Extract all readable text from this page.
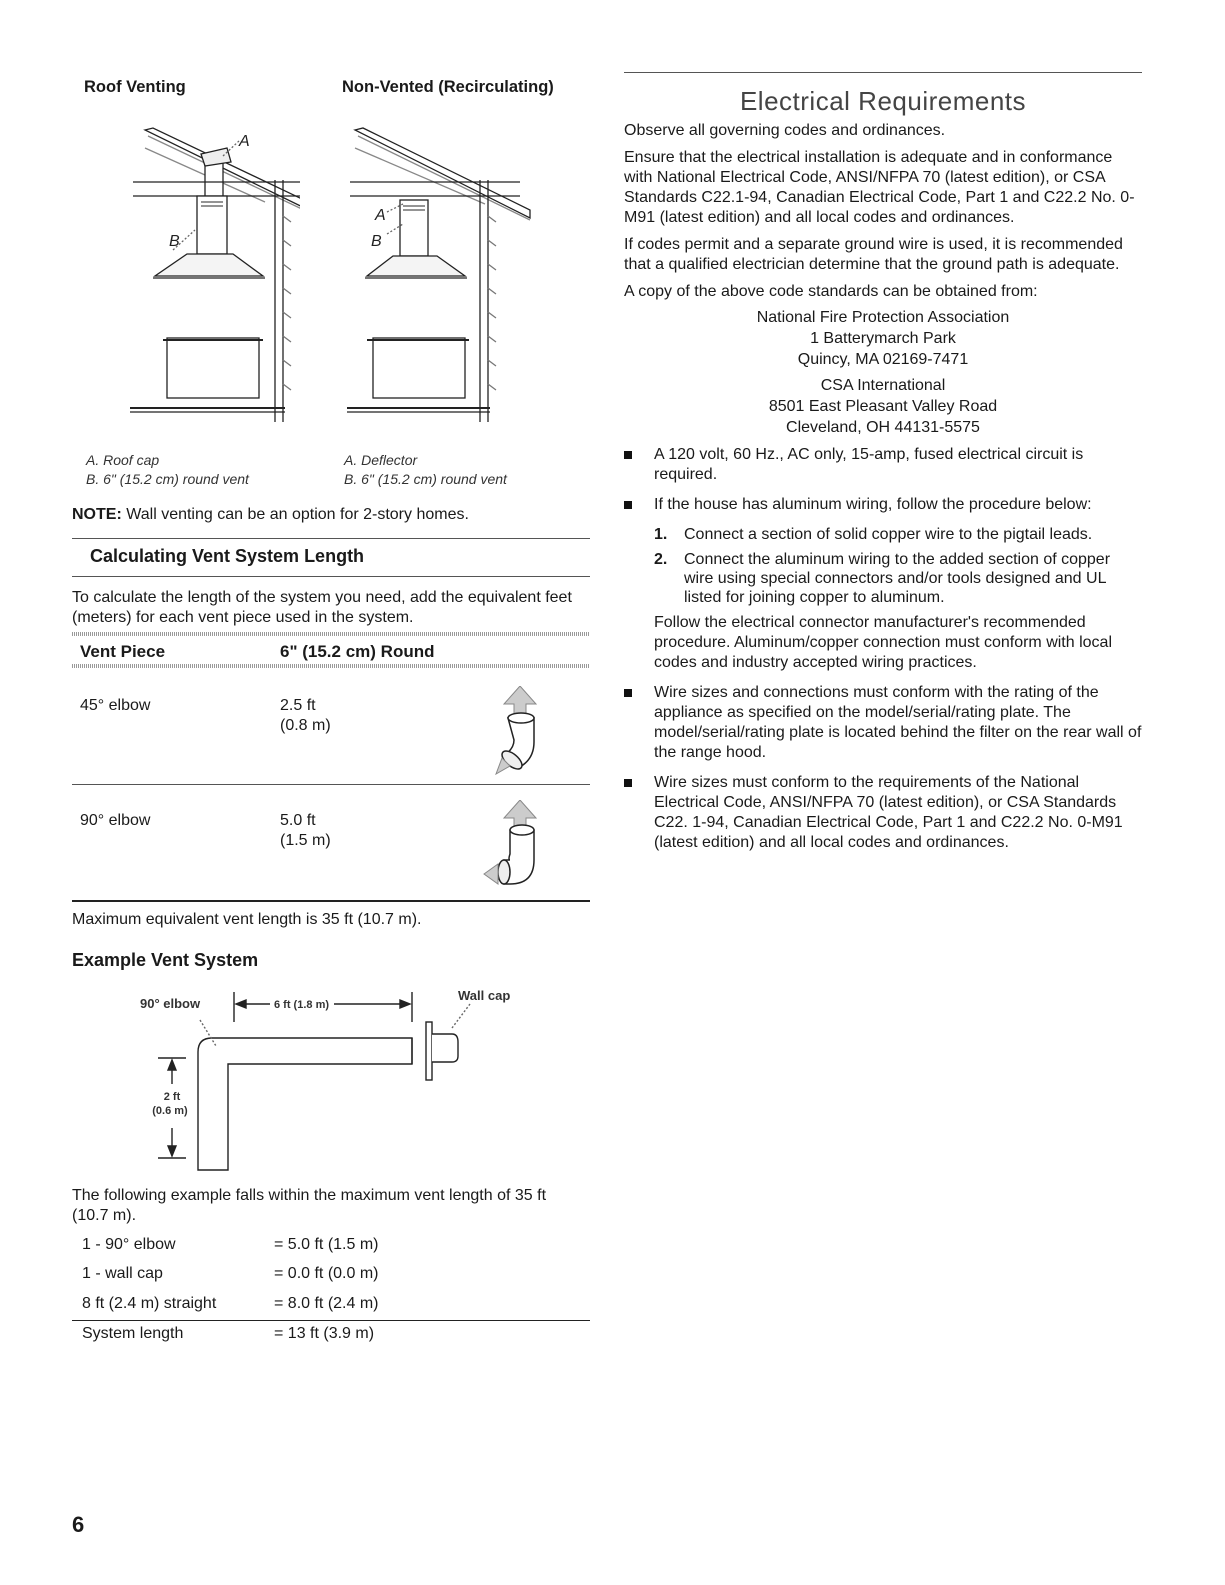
Roof Venting	Non-Vented (Recirculating)
A
B
A
B
A. Roof cap
B. 6" (15.2 cm) round vent
A. Deflector
B. 6" (15.2 cm) round vent
NOTE: Wall venting can be an option for 2-story homes.
Calculating Vent System Length
To calculate the length of the system you need, add the equivalent feet (meters) for each vent piece used in the system.
Vent Piece	6" (15.2 cm) Round
45° elbow	2.5 ft
(0.8 m)
90° elbow	5.0 ft
(1.5 m)
Maximum equivalent vent length is 35 ft (10.7 m).
Example Vent System
90° elbow	6 ft (1.8 m)
Wall cap
2 ft
(0.6 m)
The following example falls within the maximum vent length of 35 ft (10.7 m).
1 - 90° elbow	= 5.0 ft (1.5 m)
1 - wall cap	= 0.0 ft (0.0 m)
8 ft (2.4 m) straight	= 8.0 ft (2.4 m)
System length	= 13 ft (3.9 m)
6
Electrical Requirements

Observe all governing codes and ordinances.

Ensure that the electrical installation is adequate and in conformance with National Electrical Code, ANSI/NFPA 70 (latest edition), or CSA Standards C22.1-94, Canadian Electrical Code, Part 1 and C22.2 No. 0-M91 (latest edition) and all local codes and ordinances.

If codes permit and a separate ground wire is used, it is recommended that a qualified electrician determine that the ground path is adequate.

A copy of the above code standards can be obtained from:

National Fire Protection Association
1 Batterymarch Park
Quincy, MA 02169-7471
CSA International
8501 East Pleasant Valley Road
Cleveland, OH 44131-5575
A 120 volt, 60 Hz., AC only, 15-amp, fused electrical circuit is required.
If the house has aluminum wiring, follow the procedure below:
1. Connect a section of solid copper wire to the pigtail leads.
2. Connect the aluminum wiring to the added section of copper wire using special connectors and/or tools designed and UL listed for joining copper to aluminum.

Follow the electrical connector manufacturer's recommended procedure. Aluminum/copper connection must conform with local codes and industry accepted wiring practices.

Wire sizes and connections must conform with the rating of the appliance as specified on the model/serial/rating plate. The model/serial/rating plate is located behind the filter on the rear wall of the range hood.
Wire sizes must conform to the requirements of the National Electrical Code, ANSI/NFPA 70 (latest edition), or CSA Standards C22. 1-94, Canadian Electrical Code, Part 1 and C22.2 No. 0-M91 (latest edition) and all local codes and ordinances.
